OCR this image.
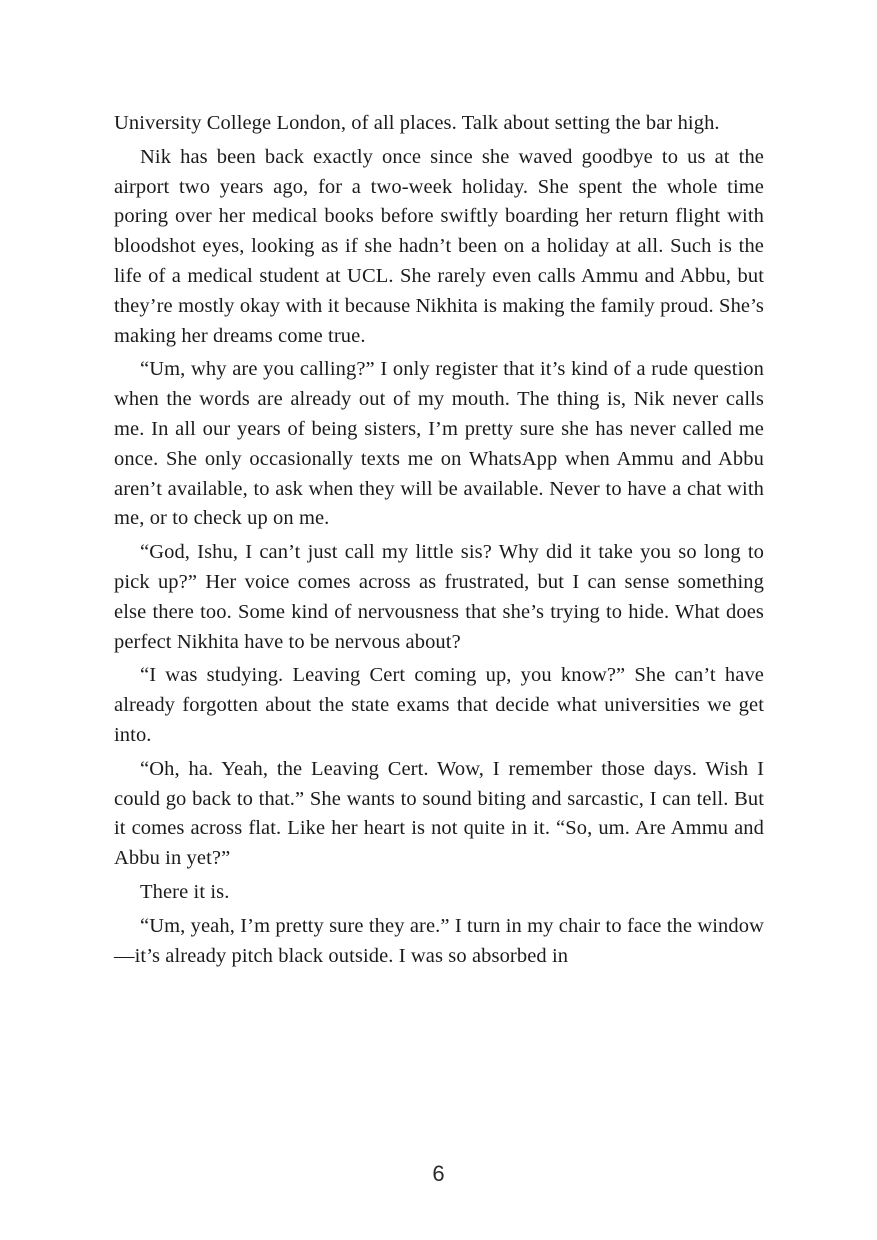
University College London, of all places. Talk about setting the bar high.

Nik has been back exactly once since she waved goodbye to us at the airport two years ago, for a two-week holiday. She spent the whole time poring over her medical books before swiftly boarding her return flight with bloodshot eyes, looking as if she hadn’t been on a holiday at all. Such is the life of a medical student at UCL. She rarely even calls Ammu and Abbu, but they’re mostly okay with it because Nikhita is making the family proud. She’s making her dreams come true.

“Um, why are you calling?” I only register that it’s kind of a rude question when the words are already out of my mouth. The thing is, Nik never calls me. In all our years of being sisters, I’m pretty sure she has never called me once. She only occasionally texts me on WhatsApp when Ammu and Abbu aren’t available, to ask when they will be available. Never to have a chat with me, or to check up on me.

“God, Ishu, I can’t just call my little sis? Why did it take you so long to pick up?” Her voice comes across as frustrated, but I can sense something else there too. Some kind of nervousness that she’s trying to hide. What does perfect Nikhita have to be nervous about?

“I was studying. Leaving Cert coming up, you know?” She can’t have already forgotten about the state exams that decide what universities we get into.

“Oh, ha. Yeah, the Leaving Cert. Wow, I remember those days. Wish I could go back to that.” She wants to sound biting and sarcastic, I can tell. But it comes across flat. Like her heart is not quite in it. “So, um. Are Ammu and Abbu in yet?”

There it is.

“Um, yeah, I’m pretty sure they are.” I turn in my chair to face the window—it’s already pitch black outside. I was so absorbed in

6
